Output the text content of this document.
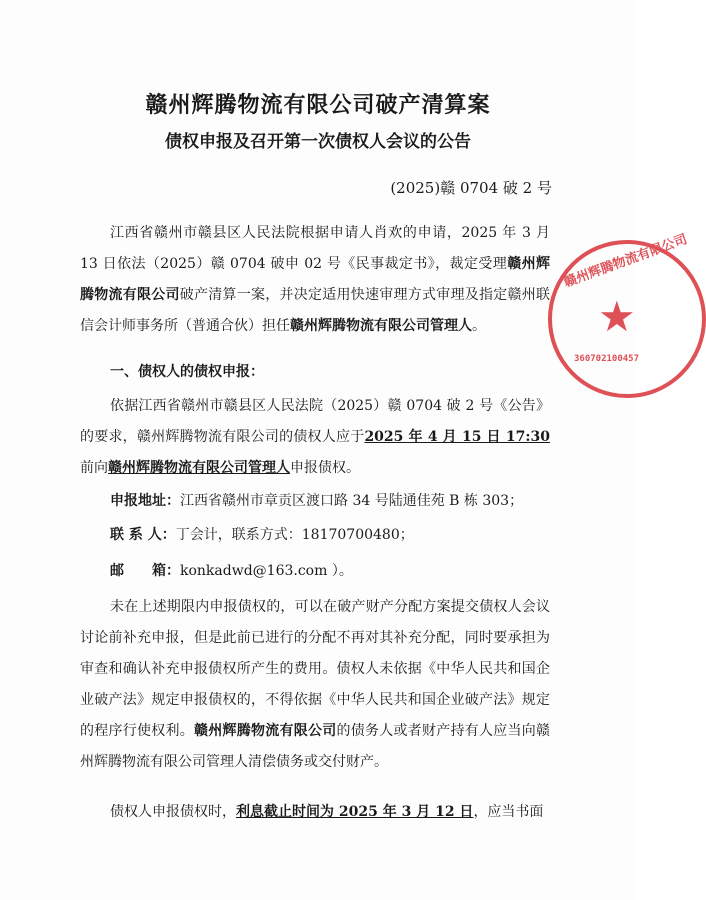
赣州辉腾物流有限公司破产清算案
债权申报及召开第一次债权人会议的公告
(2025)赣 0704 破 2 号

江西省赣州市赣县区人民法院根据申请人肖欢的申请，2025 年 3 月 13 日依法（2025）赣 0704 破申 02 号《民事裁定书》，裁定受理赣州辉腾物流有限公司破产清算一案，并决定适用快速审理方式审理及指定赣州联信会计师事务所（普通合伙）担任赣州辉腾物流有限公司管理人。

一、债权人的债权申报：

依据江西省赣州市赣县区人民法院（2025）赣 0704 破 2 号《公告》的要求，赣州辉腾物流有限公司的债权人应于2025 年 4 月 15 日 17:30前向赣州辉腾物流有限公司管理人申报债权。

申报地址：江西省赣州市章贡区渡口路 34 号陆通佳苑 B 栋 303；

联 系 人：丁会计，联系方式：18170700480；

邮　　箱：konkadwd@163.com ）。

未在上述期限内申报债权的，可以在破产财产分配方案提交债权人会议讨论前补充申报，但是此前已进行的分配不再对其补充分配，同时要承担为审查和确认补充申报债权所产生的费用。债权人未依据《中华人民共和国企业破产法》规定申报债权的，不得依据《中华人民共和国企业破产法》规定的程序行使权利。赣州辉腾物流有限公司的债务人或者财产持有人应当向赣州辉腾物流有限公司管理人清偿债务或交付财产。

债权人申报债权时，利息截止时间为 2025 年 3 月 12 日，应当书面

赣州辉腾物流有限公司
★
360702100457
